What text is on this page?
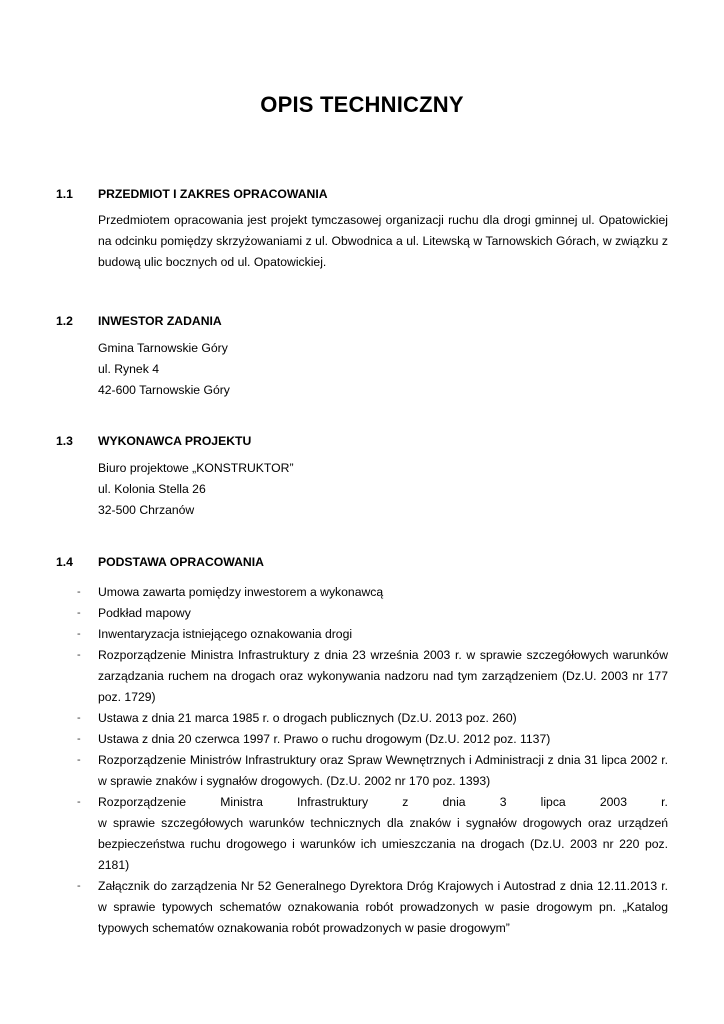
OPIS TECHNICZNY
1.1 PRZEDMIOT I ZAKRES OPRACOWANIA
Przedmiotem opracowania jest projekt tymczasowej organizacji ruchu dla drogi gminnej ul. Opatowickiej na odcinku pomiędzy skrzyżowaniami z ul. Obwodnica a ul. Litewską w Tarnowskich Górach, w związku z budową ulic bocznych od ul. Opatowickiej.
1.2 INWESTOR ZADANIA
Gmina Tarnowskie Góry
ul. Rynek 4
42-600 Tarnowskie Góry
1.3 WYKONAWCA PROJEKTU
Biuro projektowe „KONSTRUKTOR”
ul. Kolonia Stella 26
32-500 Chrzanów
1.4 PODSTAWA OPRACOWANIA
- Umowa zawarta pomiędzy inwestorem a wykonawcą
- Podkład mapowy
- Inwentaryzacja istniejącego oznakowania drogi
- Rozporządzenie Ministra Infrastruktury z dnia 23 września 2003 r. w sprawie szczegółowych warunków zarządzania ruchem na drogach oraz wykonywania nadzoru nad tym zarządzeniem (Dz.U. 2003 nr 177 poz. 1729)
- Ustawa z dnia 21 marca 1985 r. o drogach publicznych (Dz.U. 2013 poz. 260)
- Ustawa z dnia 20 czerwca 1997 r. Prawo o ruchu drogowym (Dz.U. 2012 poz. 1137)
- Rozporządzenie Ministrów Infrastruktury oraz Spraw Wewnętrznych i Administracji z dnia 31 lipca 2002 r. w sprawie znaków i sygnałów drogowych. (Dz.U. 2002 nr 170 poz. 1393)
- Rozporządzenie	Ministra	Infrastruktury	z	dnia	3	lipca	2003	r.
w sprawie szczegółowych warunków technicznych dla znaków i sygnałów drogowych oraz urządzeń bezpieczeństwa ruchu drogowego i warunków ich umieszczania na drogach (Dz.U. 2003 nr 220 poz. 2181)
- Załącznik do zarządzenia Nr 52 Generalnego Dyrektora Dróg Krajowych i Autostrad z dnia 12.11.2013 r. w sprawie typowych schematów oznakowania robót prowadzonych w pasie drogowym pn. „Katalog typowych schematów oznakowania robót prowadzonych w pasie drogowym”
